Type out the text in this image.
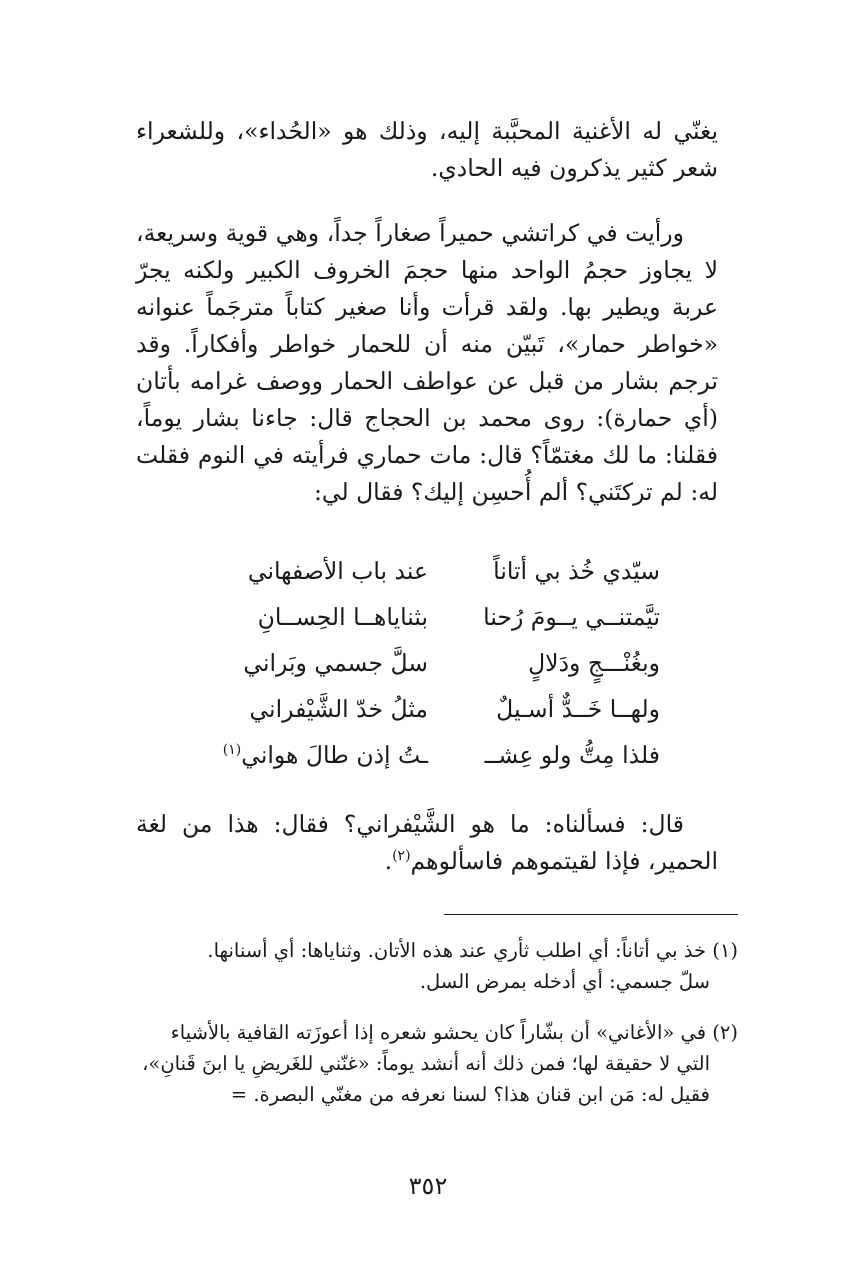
يغنّي له الأغنية المحبَّبة إليه، وذلك هو «الحُداء»، وللشعراء شعر كثير يذكرون فيه الحادي.

ورأيت في كراتشي حميراً صغاراً جداً، وهي قوية وسريعة، لا يجاوز حجمُ الواحد منها حجمَ الخروف الكبير ولكنه يجرّ عربة ويطير بها. ولقد قرأت وأنا صغير كتاباً مترجَماً عنوانه «خواطر حمار»، تَبيّن منه أن للحمار خواطر وأفكاراً. وقد ترجم بشار من قبل عن عواطف الحمار ووصف غرامه بأتان (أي حمارة): روى محمد بن الحجاج قال: جاءنا بشار يوماً، فقلنا: ما لك مغتمّاً؟ قال: مات حماري فرأيته في النوم فقلت له: لم تركتَني؟ ألم أُحسِن إليك؟ فقال لي:

سيّدي خُذ بي أتاناً
عند باب الأصفهاني
تيَّمتنــي يــومَ رُحنا
بثناياهــا الحِســانِ
وبغُنْـــجٍ ودَلالٍ
سلَّ جسمي وبَراني
ولهــا خَــدٌّ أسـيلٌ
مثلُ خدّ الشَّيْفراني
فلذا مِتُّ ولو عِشــ
ـتُ إذن طالَ هواني$^{(١)}$

قال: فسألناه: ما هو الشَّيْفراني؟ فقال: هذا من لغة الحمير، فإذا لقيتموهم فاسألوهم$^{(٢)}$.

(١) خذ بي أتاناً: أي اطلب ثأري عند هذه الأتان. وثناياها: أي أسنانها.
سلّ جسمي: أي أدخله بمرض السل.
(٢) في «الأغاني» أن بشّاراً كان يحشو شعره إذا أعوزَته القافية بالأشياء
التي لا حقيقة لها؛ فمن ذلك أنه أنشد يوماً: «غنّني للغَريضِ يا ابنَ قَنانِ»، فقيل له: مَن ابن قنان هذا؟ لسنا نعرفه من مغنّي البصرة. =
٣٥٢
